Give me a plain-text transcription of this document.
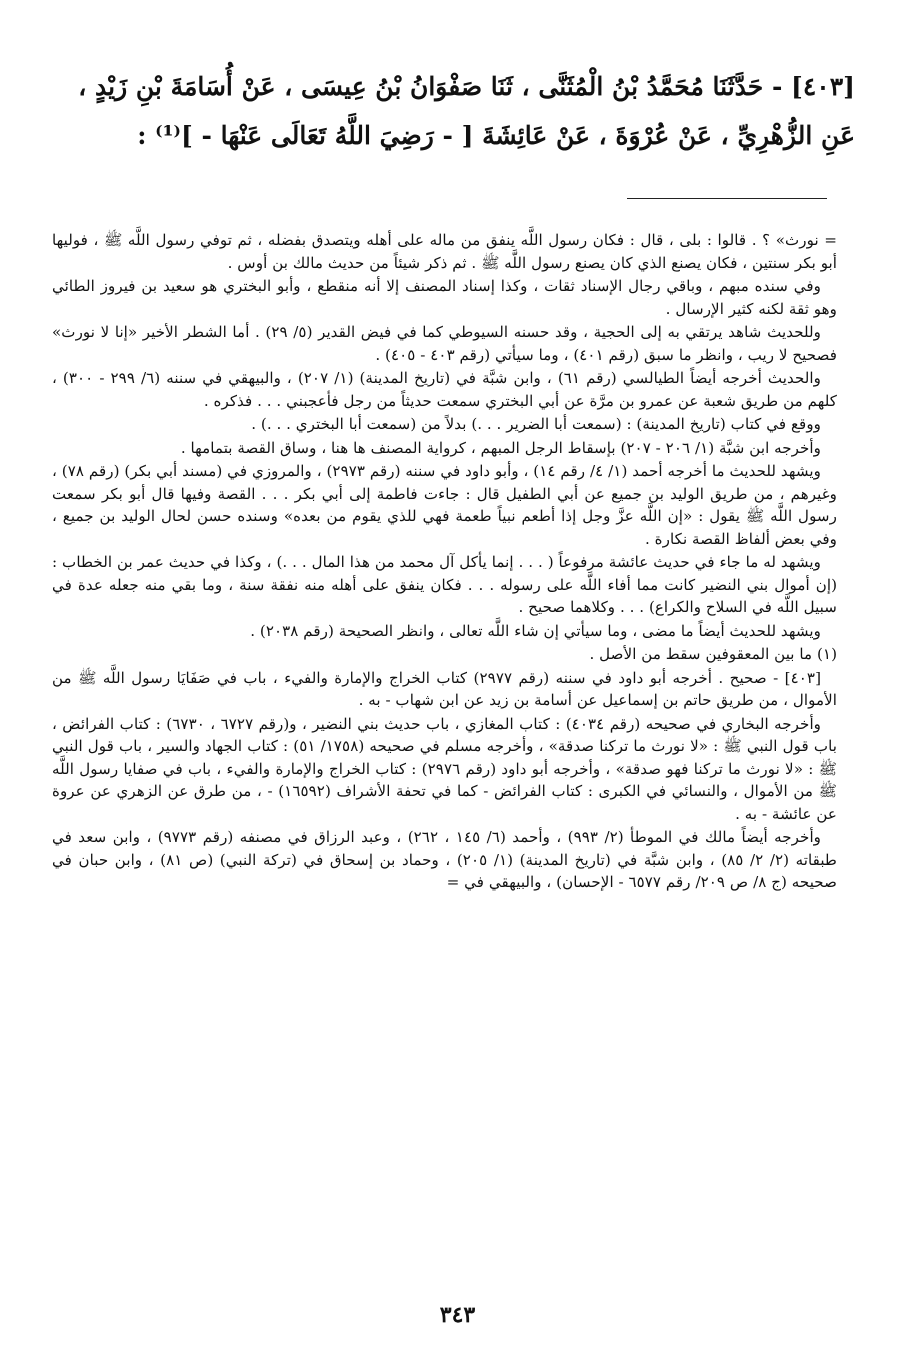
[٤٠٣] - حَدَّثَنَا مُحَمَّدُ بْنُ الْمُثَنَّى ، ثَنَا صَفْوَانُ بْنُ عِيسَى ، عَنْ أُسَامَةَ بْنِ زَيْدٍ ،
عَنِ الزُّهْرِيِّ ، عَنْ عُرْوَةَ ، عَنْ عَائِشَةَ [ - رَضِيَ اللَّهُ تَعَالَى عَنْهَا - ]⁽¹⁾ :

= نورث» ؟ . قالوا : بلى ، قال : فكان رسول اللَّه ينفق من ماله على أهله ويتصدق بفضله ، ثم توفي رسول اللَّه ﷺ ، فوليها أبو بكر سنتين ، فكان يصنع الذي كان يصنع رسول اللَّه ﷺ . ثم ذكر شيئاً من حديث مالك بن أوس .

وفي سنده مبهم ، وباقي رجال الإسناد ثقات ، وكذا إسناد المصنف إلا أنه منقطع ، وأبو البختري هو سعيد بن فيروز الطائي وهو ثقة لكنه كثير الإرسال .

وللحديث شاهد يرتقي به إلى الحجية ، وقد حسنه السيوطي كما في فيض القدير (٥/ ٢٩) . أما الشطر الأخير «إنا لا نورث» فصحيح لا ريب ، وانظر ما سبق (رقم ٤٠١) ، وما سيأتي (رقم ٤٠٣ - ٤٠٥) .

والحديث أخرجه أيضاً الطيالسي (رقم ٦١) ، وابن شبَّة في (تاريخ المدينة) (١/ ٢٠٧) ، والبيهقي في سننه (٦/ ٢٩٩ - ٣٠٠) ، كلهم من طريق شعبة عن عمرو بن مرَّة عن أبي البختري سمعت حديثاً من رجل فأعجبني . . . فذكره .

ووقع في كتاب (تاريخ المدينة) : (سمعت أبا الضرير . . .) بدلاً من (سمعت أبا البختري . . .) .

وأخرجه ابن شبَّة (١/ ٢٠٦ - ٢٠٧) بإسقاط الرجل المبهم ، كرواية المصنف ها هنا ، وساق القصة بتمامها .

ويشهد للحديث ما أخرجه أحمد (١/ ٤/ رقم ١٤) ، وأبو داود في سننه (رقم ٢٩٧٣) ، والمروزي في (مسند أبي بكر) (رقم ٧٨) ، وغيرهم ، من طريق الوليد بن جميع عن أبي الطفيل قال : جاءت فاطمة إلى أبي بكر . . . القصة وفيها قال أبو بكر سمعت رسول اللَّه ﷺ يقول : «إن اللَّه عزَّ وجل إذا أطعم نبياً طعمة فهي للذي يقوم من بعده» وسنده حسن لحال الوليد بن جميع ، وفي بعض ألفاظ القصة نكارة .

ويشهد له ما جاء في حديث عائشة مرفوعاً ( . . . إنما يأكل آل محمد من هذا المال . . .) ، وكذا في حديث عمر بن الخطاب : (إن أموال بني النضير كانت مما أفاء اللَّه على رسوله . . . فكان ينفق على أهله منه نفقة سنة ، وما بقي منه جعله عدة في سبيل اللَّه في السلاح والكراع) . . . وكلاهما صحيح .

ويشهد للحديث أيضاً ما مضى ، وما سيأتي إن شاء اللَّه تعالى ، وانظر الصحيحة (رقم ٢٠٣٨) .

(١) ما بين المعقوفين سقط من الأصل .

[٤٠٣] - صحيح . أخرجه أبو داود في سننه (رقم ٢٩٧٧) كتاب الخراج والإمارة والفيء ، باب في صَفَايَا رسول اللَّه ﷺ من الأموال ، من طريق حاتم بن إسماعيل عن أسامة بن زيد عن ابن شهاب - به .

وأخرجه البخاري في صحيحه (رقم ٤٠٣٤) : كتاب المغازي ، باب حديث بني النضير ، و(رقم ٦٧٢٧ ، ٦٧٣٠) : كتاب الفرائض ، باب قول النبي ﷺ : «لا نورث ما تركنا صدقة» ، وأخرجه مسلم في صحيحه (١٧٥٨/ ٥١) : كتاب الجهاد والسير ، باب قول النبي ﷺ : «لا نورث ما تركنا فهو صدقة» ، وأخرجه أبو داود (رقم ٢٩٧٦) : كتاب الخراج والإمارة والفيء ، باب في صفايا رسول اللَّه ﷺ من الأموال ، والنسائي في الكبرى : كتاب الفرائض - كما في تحفة الأشراف (١٦٥٩٢) - ، من طرق عن الزهري عن عروة عن عائشة - به .

وأخرجه أيضاً مالك في الموطأ (٢/ ٩٩٣) ، وأحمد (٦/ ١٤٥ ، ٢٦٢) ، وعبد الرزاق في مصنفه (رقم ٩٧٧٣) ، وابن سعد في طبقاته (٢/ ٢/ ٨٥) ، وابن شبَّة في (تاريخ المدينة) (١/ ٢٠٥) ، وحماد بن إسحاق في (تركة النبي) (ص ٨١) ، وابن حبان في صحيحه (ج ٨/ ص ٢٠٩/ رقم ٦٥٧٧ - الإحسان) ، والبيهقي في =

٣٤٣
